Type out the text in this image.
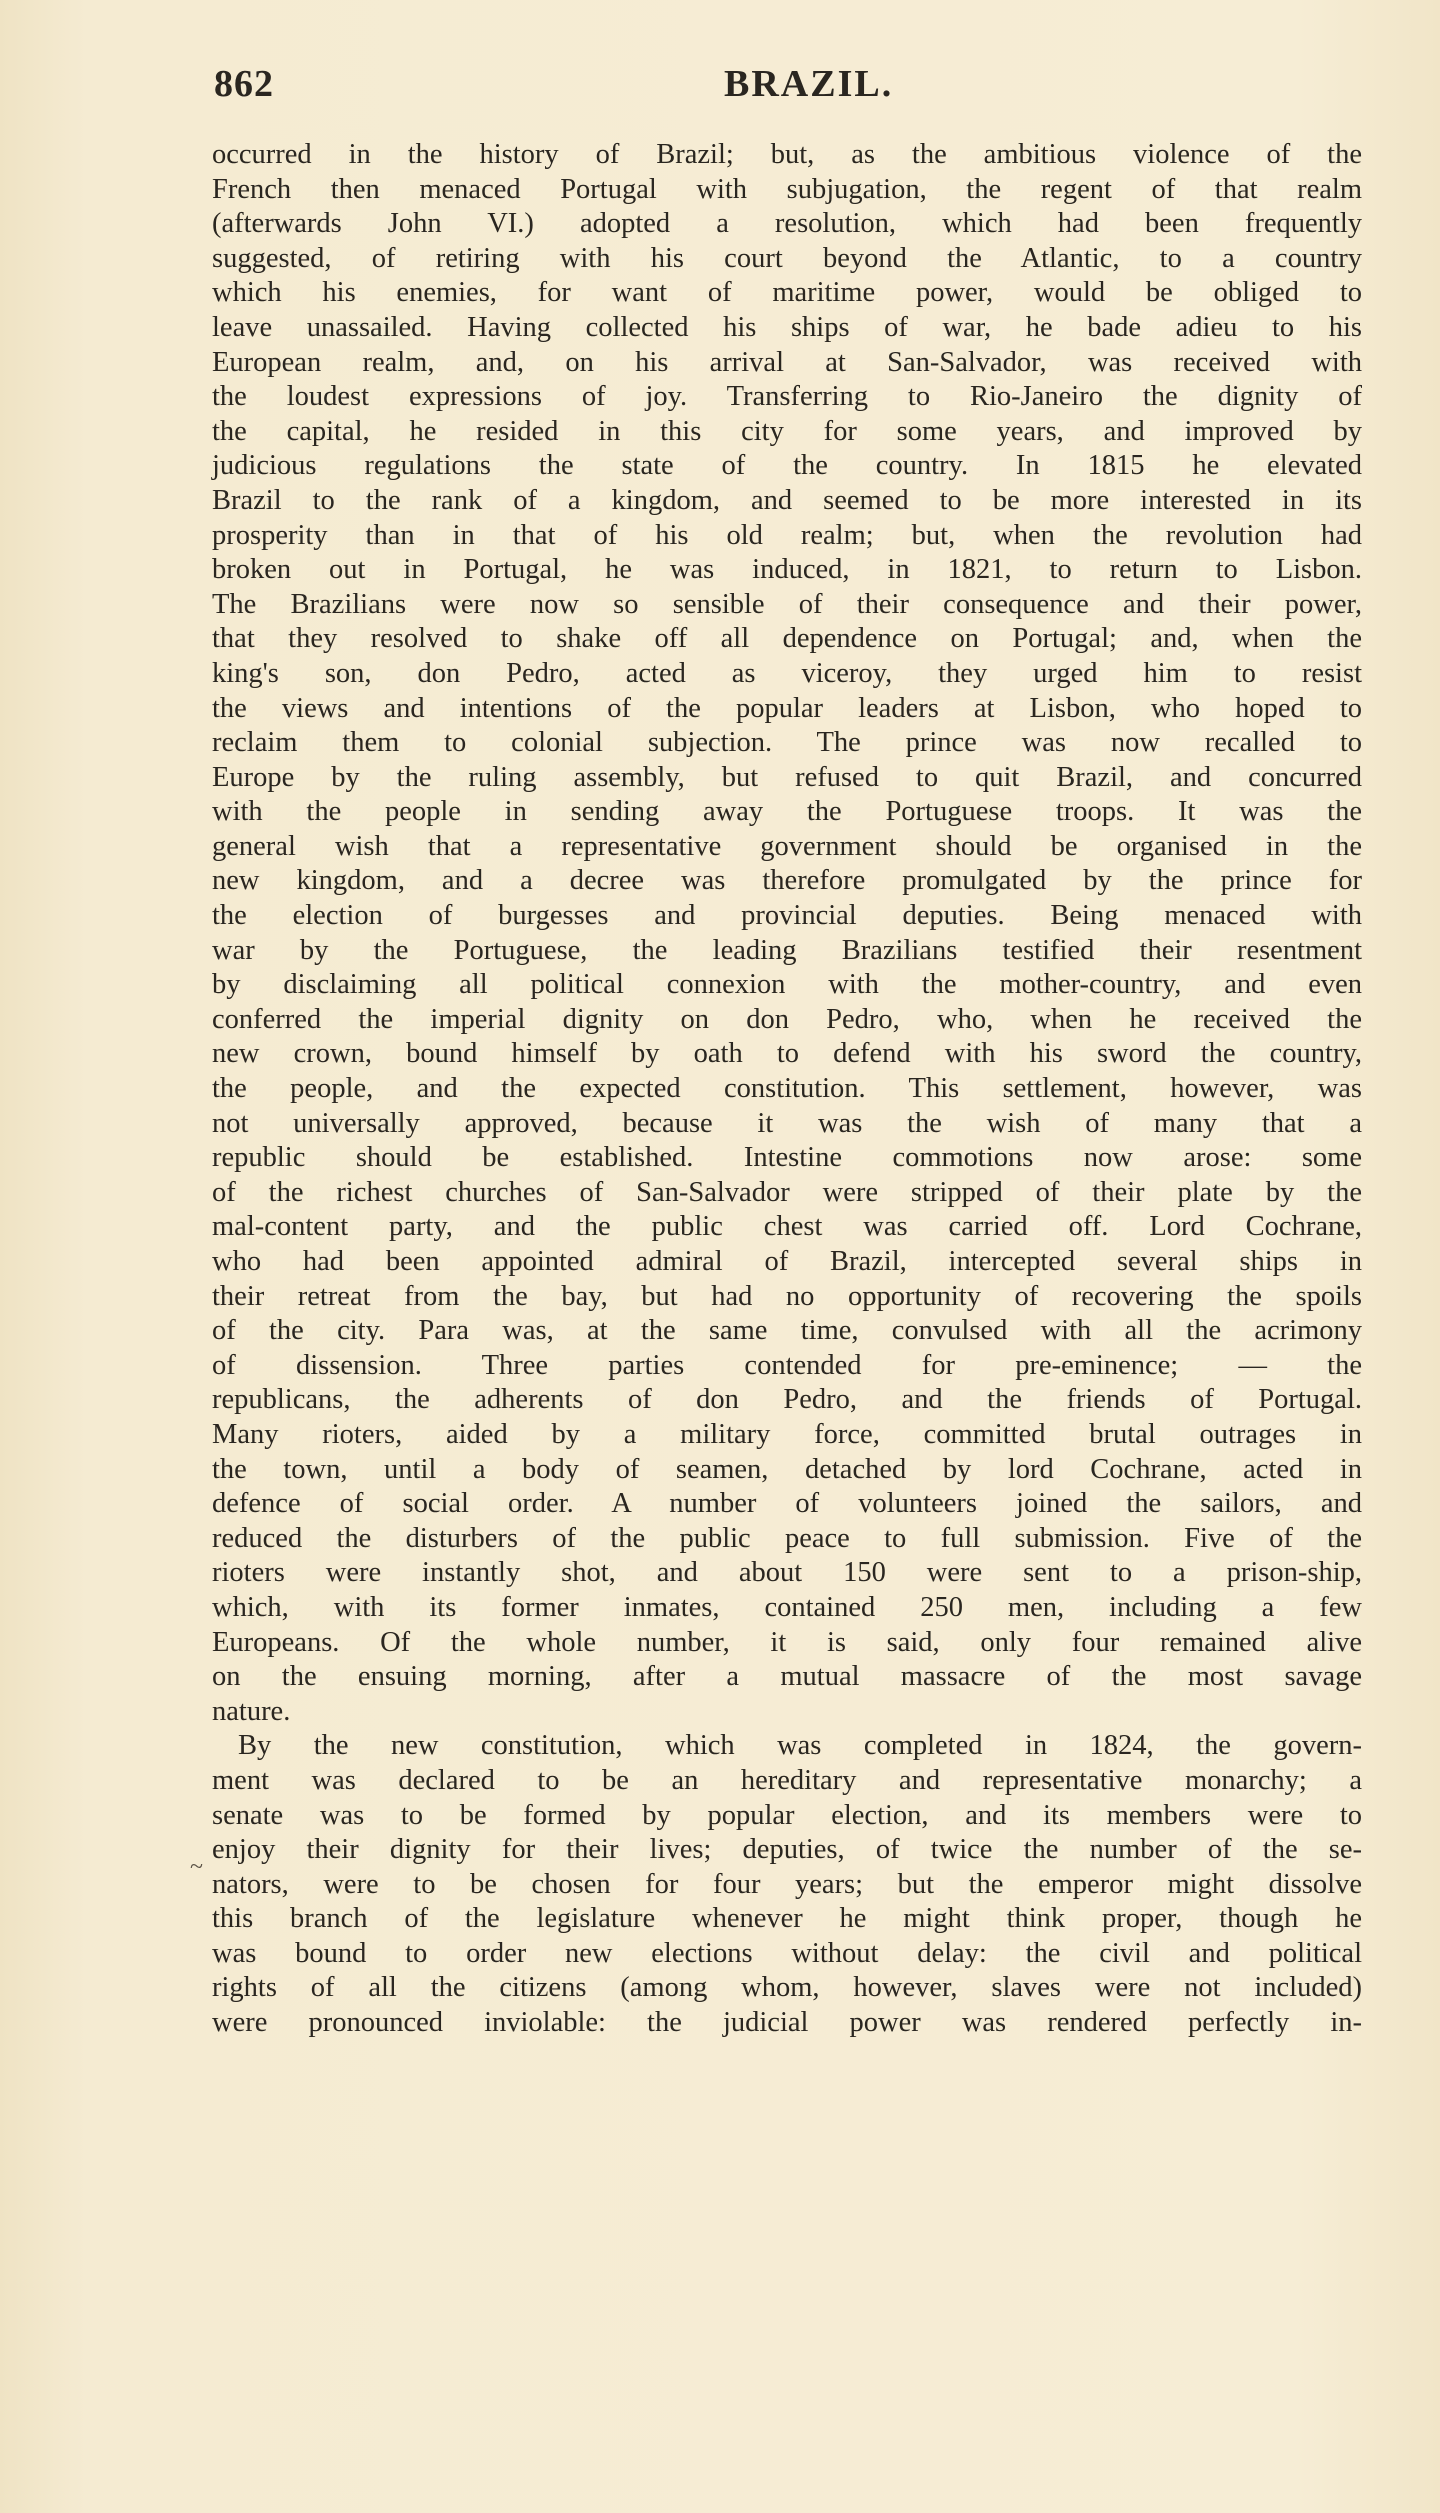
862	BRAZIL.
~
occurred in the history of Brazil; but, as the ambitious violence of the
French then menaced Portugal with subjugation, the regent of that realm
(afterwards John VI.) adopted a resolution, which had been frequently
suggested, of retiring with his court beyond the Atlantic, to a country
which his enemies, for want of maritime power, would be obliged to
leave unassailed. Having collected his ships of war, he bade adieu to his
European realm, and, on his arrival at San-Salvador, was received with
the loudest expressions of joy. Transferring to Rio-Janeiro the dignity of
the capital, he resided in this city for some years, and improved by
judicious regulations the state of the country. In 1815 he elevated
Brazil to the rank of a kingdom, and seemed to be more interested in its
prosperity than in that of his old realm; but, when the revolution had
broken out in Portugal, he was induced, in 1821, to return to Lisbon.
The Brazilians were now so sensible of their consequence and their power,
that they resolved to shake off all dependence on Portugal; and, when the
king's son, don Pedro, acted as viceroy, they urged him to resist
the views and intentions of the popular leaders at Lisbon, who hoped to
reclaim them to colonial subjection. The prince was now recalled to
Europe by the ruling assembly, but refused to quit Brazil, and concurred
with the people in sending away the Portuguese troops. It was the
general wish that a representative government should be organised in the
new kingdom, and a decree was therefore promulgated by the prince for
the election of burgesses and provincial deputies. Being menaced with
war by the Portuguese, the leading Brazilians testified their resentment
by disclaiming all political connexion with the mother-country, and even
conferred the imperial dignity on don Pedro, who, when he received the
new crown, bound himself by oath to defend with his sword the country,
the people, and the expected constitution. This settlement, however, was
not universally approved, because it was the wish of many that a
republic should be established. Intestine commotions now arose: some
of the richest churches of San-Salvador were stripped of their plate by the
mal-content party, and the public chest was carried off. Lord Cochrane,
who had been appointed admiral of Brazil, intercepted several ships in
their retreat from the bay, but had no opportunity of recovering the spoils
of the city. Para was, at the same time, convulsed with all the acrimony
of dissension. Three parties contended for pre-eminence; — the
republicans, the adherents of don Pedro, and the friends of Portugal.
Many rioters, aided by a military force, committed brutal outrages in
the town, until a body of seamen, detached by lord Cochrane, acted in
defence of social order. A number of volunteers joined the sailors, and
reduced the disturbers of the public peace to full submission. Five of the
rioters were instantly shot, and about 150 were sent to a prison-ship,
which, with its former inmates, contained 250 men, including a few
Europeans. Of the whole number, it is said, only four remained alive
on the ensuing morning, after a mutual massacre of the most savage
nature.
By the new constitution, which was completed in 1824, the govern-
ment was declared to be an hereditary and representative monarchy; a
senate was to be formed by popular election, and its members were to
enjoy their dignity for their lives; deputies, of twice the number of the se-
nators, were to be chosen for four years; but the emperor might dissolve
this branch of the legislature whenever he might think proper, though he
was bound to order new elections without delay: the civil and political
rights of all the citizens (among whom, however, slaves were not included)
were pronounced inviolable: the judicial power was rendered perfectly in-
